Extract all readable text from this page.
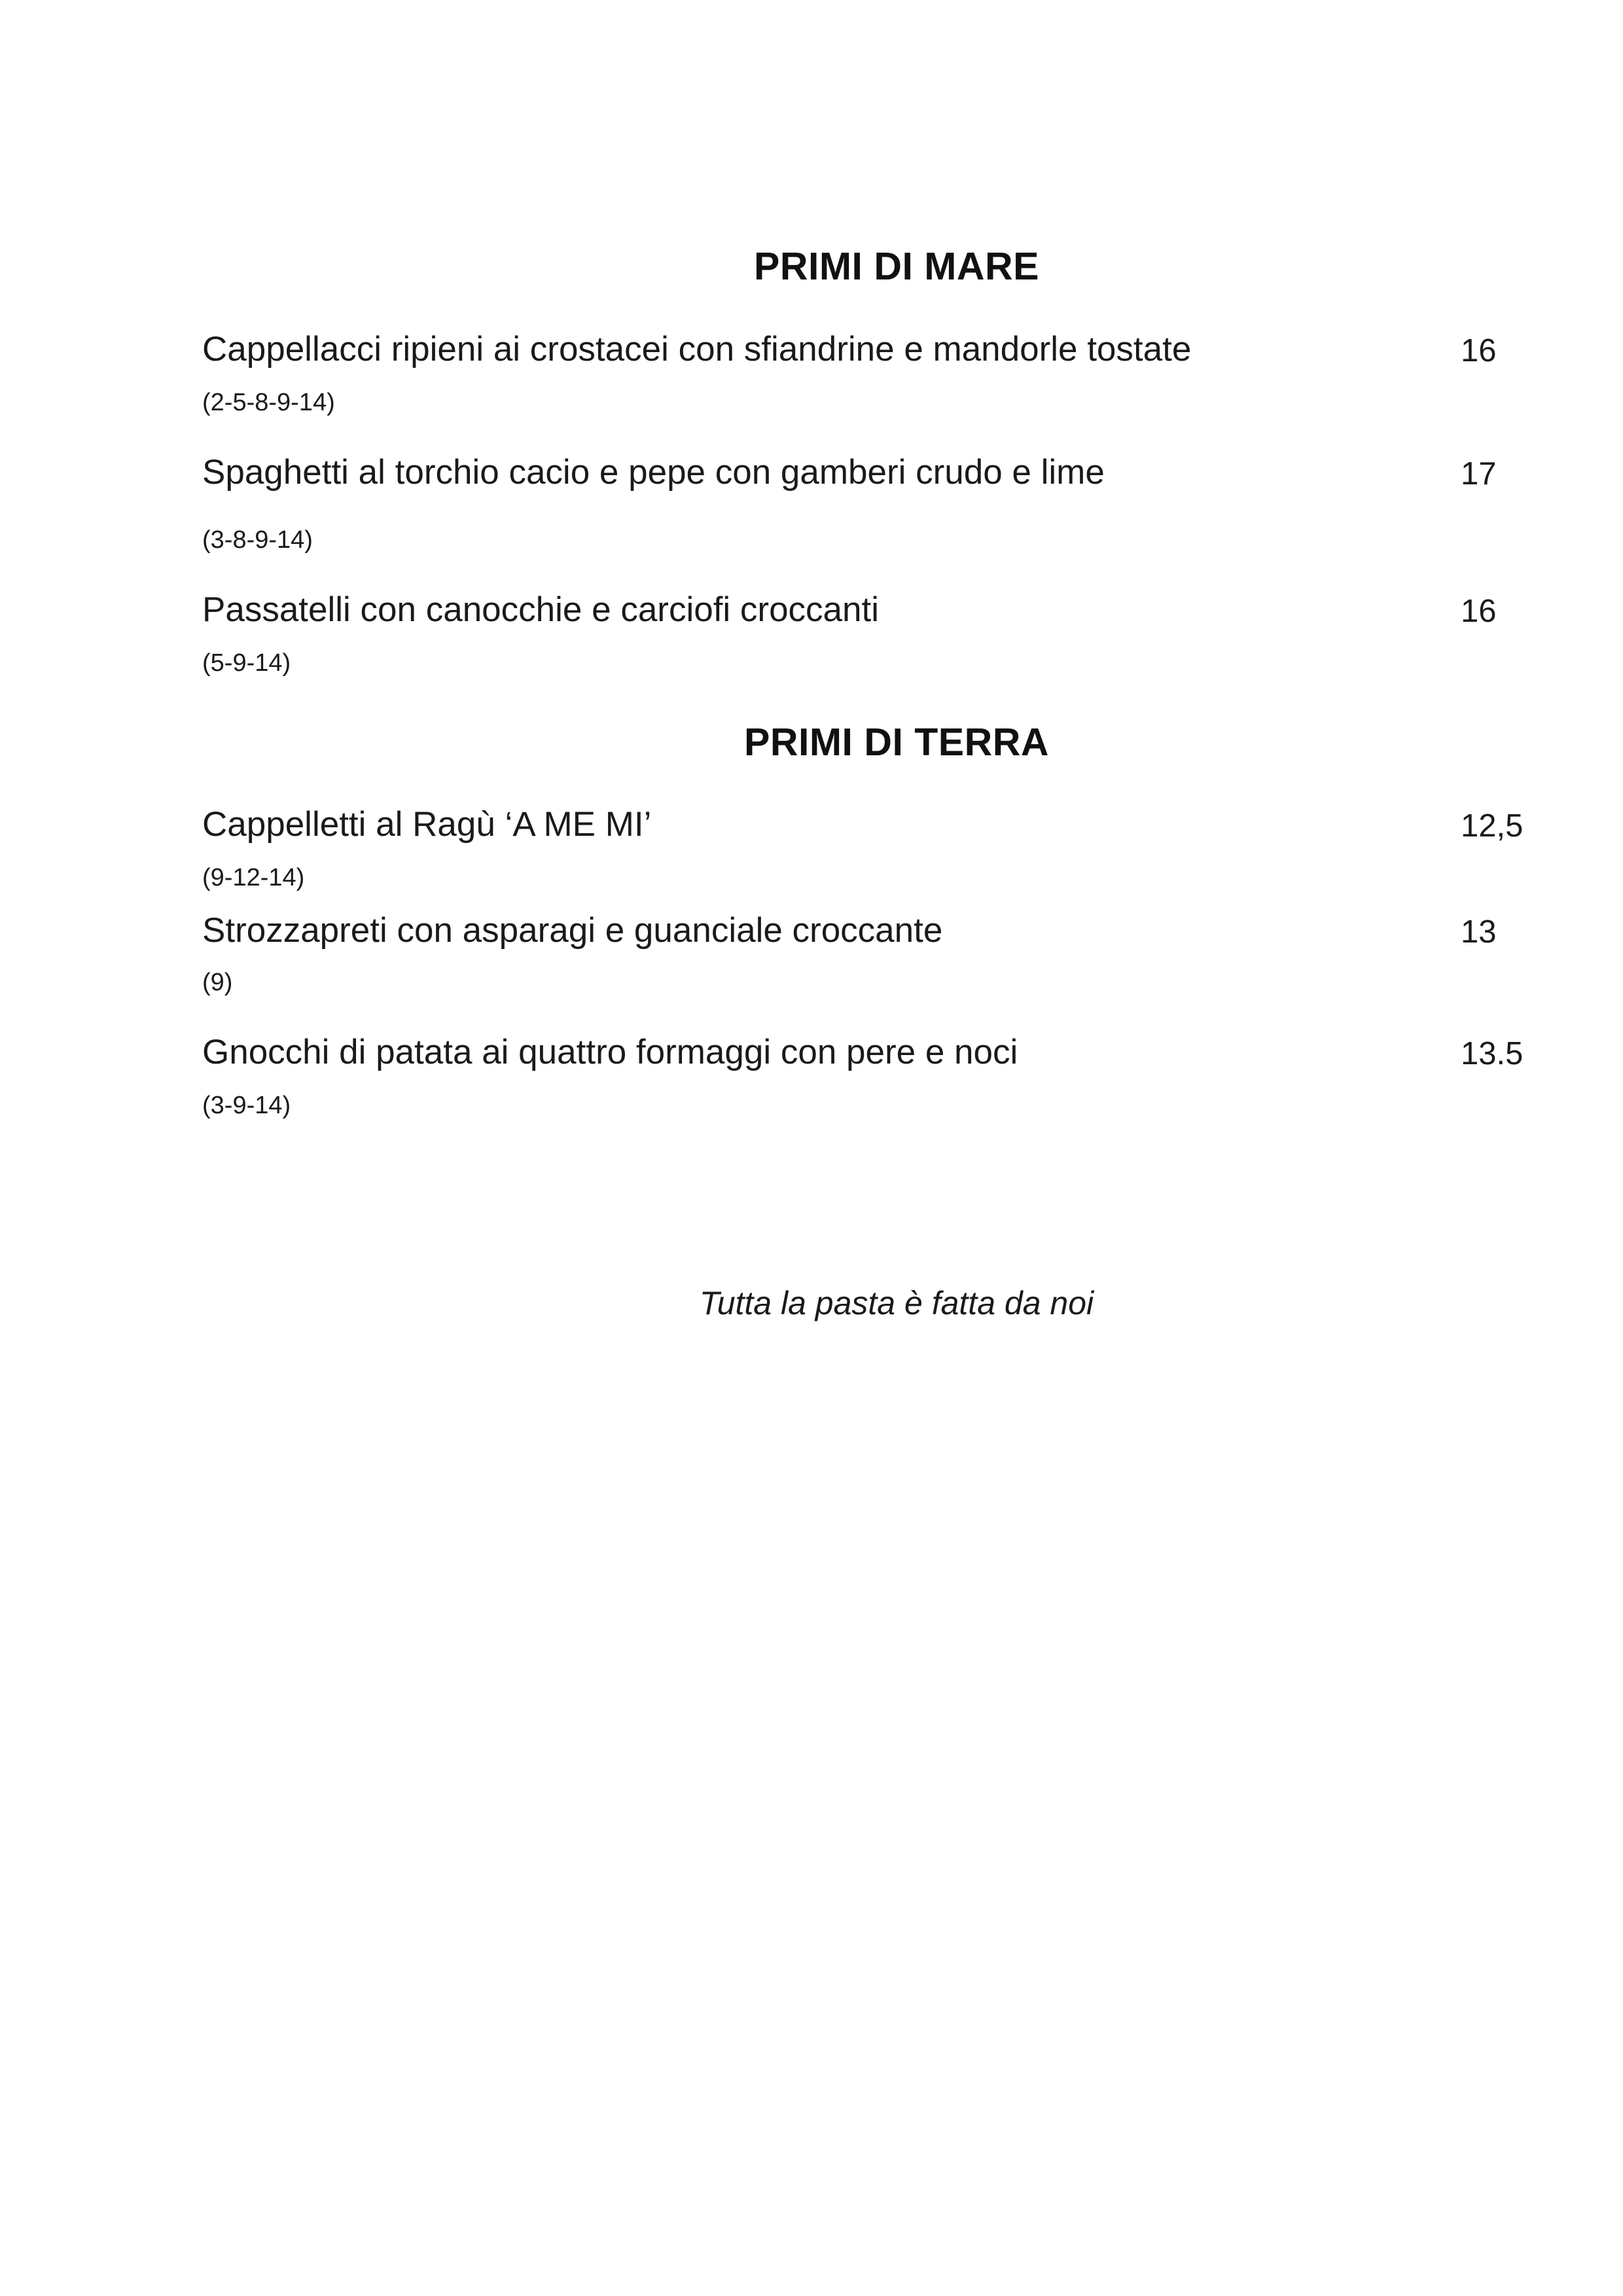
PRIMI DI MARE
Cappellacci ripieni ai crostacei con sfiandrine e mandorle tostate	16
(2-5-8-9-14)
Spaghetti al torchio cacio e pepe con gamberi crudo e lime	17
(3-8-9-14)
Passatelli con canocchie e carciofi croccanti	16
(5-9-14)
PRIMI DI TERRA
Cappelletti al Ragù ‘A ME MI’	12,5
(9-12-14)
Strozzapreti con asparagi e guanciale croccante	13
(9)
Gnocchi di patata ai quattro formaggi con pere e noci	13.5
(3-9-14)
Tutta la pasta è fatta da noi
